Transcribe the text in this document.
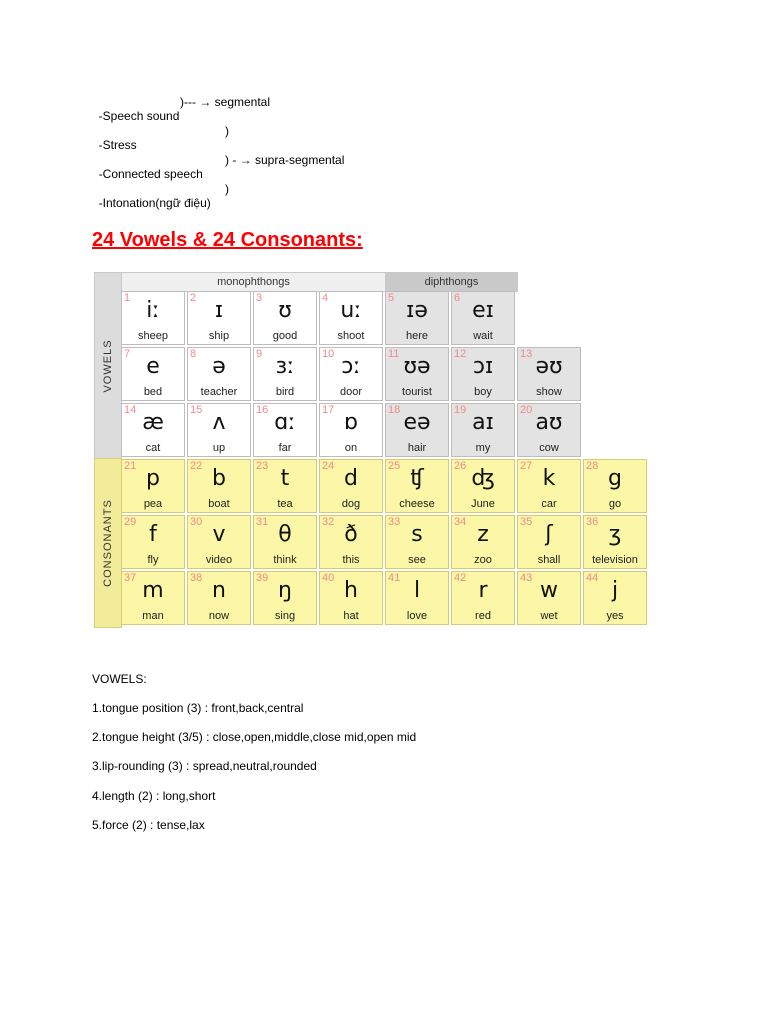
-Speech sound

)--- → segmental

-Stress

)

-Connected speech

) - → supra-segmental

-Intonation(ngữ điệu)

)

24 Vowels & 24 Consonants:
VOWELS
CONSONANTS
monophthongs	diphthongs
1 iː
sheep
2 ɪ
ship
3 ʊ
good
4 uː
shoot
5 ɪə
here
6 eɪ
wait
7 e
bed
8 ə
teacher
9 ɜː
bird
10 ɔː
door
11 ʊə
tourist
12 ɔɪ
boy
13 əʊ
show
14 æ
cat
15 ʌ
up
16 ɑː
far
17 ɒ
on
18 eə
hair
19 aɪ
my
20 aʊ
cow
21 p
pea
22 b
boat
23 t
tea
24 d
dog
25 ʧ
cheese
26 ʤ
June
27 k
car
28 g
go
29 f
fly
30 v
video
31 θ
think
32 ð
this
33 s
see
34 z
zoo
35 ʃ
shall
36 ʒ
television
37 m
man
38 n
now
39 ŋ
sing
40 h
hat
41 l
love
42 r
red
43 w
wet
44 j
yes
VOWELS:
1.tongue position (3) : front,back,central
2.tongue height (3/5) : close,open,middle,close mid,open mid
3.lip-rounding (3) : spread,neutral,rounded
4.length (2) : long,short
5.force (2) : tense,lax
